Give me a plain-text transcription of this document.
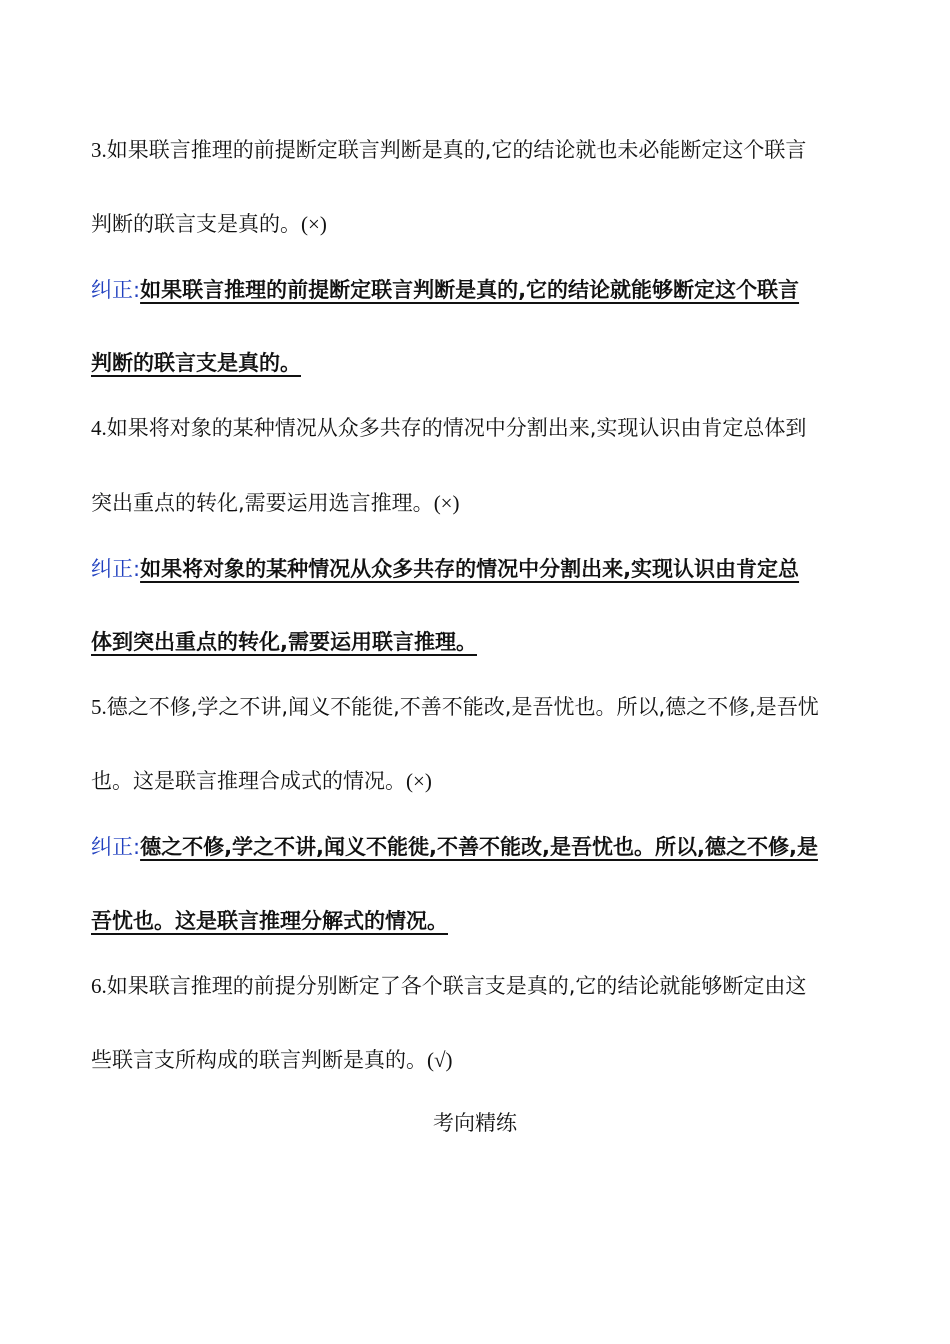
3.如果联言推理的前提断定联言判断是真的,它的结论就也未必能断定这个联言
判断的联言支是真的。(×)
纠正:如果联言推理的前提断定联言判断是真的,它的结论就能够断定这个联言
判断的联言支是真的。
4.如果将对象的某种情况从众多共存的情况中分割出来,实现认识由肯定总体到
突出重点的转化,需要运用选言推理。(×)
纠正:如果将对象的某种情况从众多共存的情况中分割出来,实现认识由肯定总
体到突出重点的转化,需要运用联言推理。
5.德之不修,学之不讲,闻义不能徙,不善不能改,是吾忧也。所以,德之不修,是吾忧
也。这是联言推理合成式的情况。(×)
纠正:德之不修,学之不讲,闻义不能徙,不善不能改,是吾忧也。所以,德之不修,是
吾忧也。这是联言推理分解式的情况。
6.如果联言推理的前提分别断定了各个联言支是真的,它的结论就能够断定由这
些联言支所构成的联言判断是真的。(√)
考向精练
